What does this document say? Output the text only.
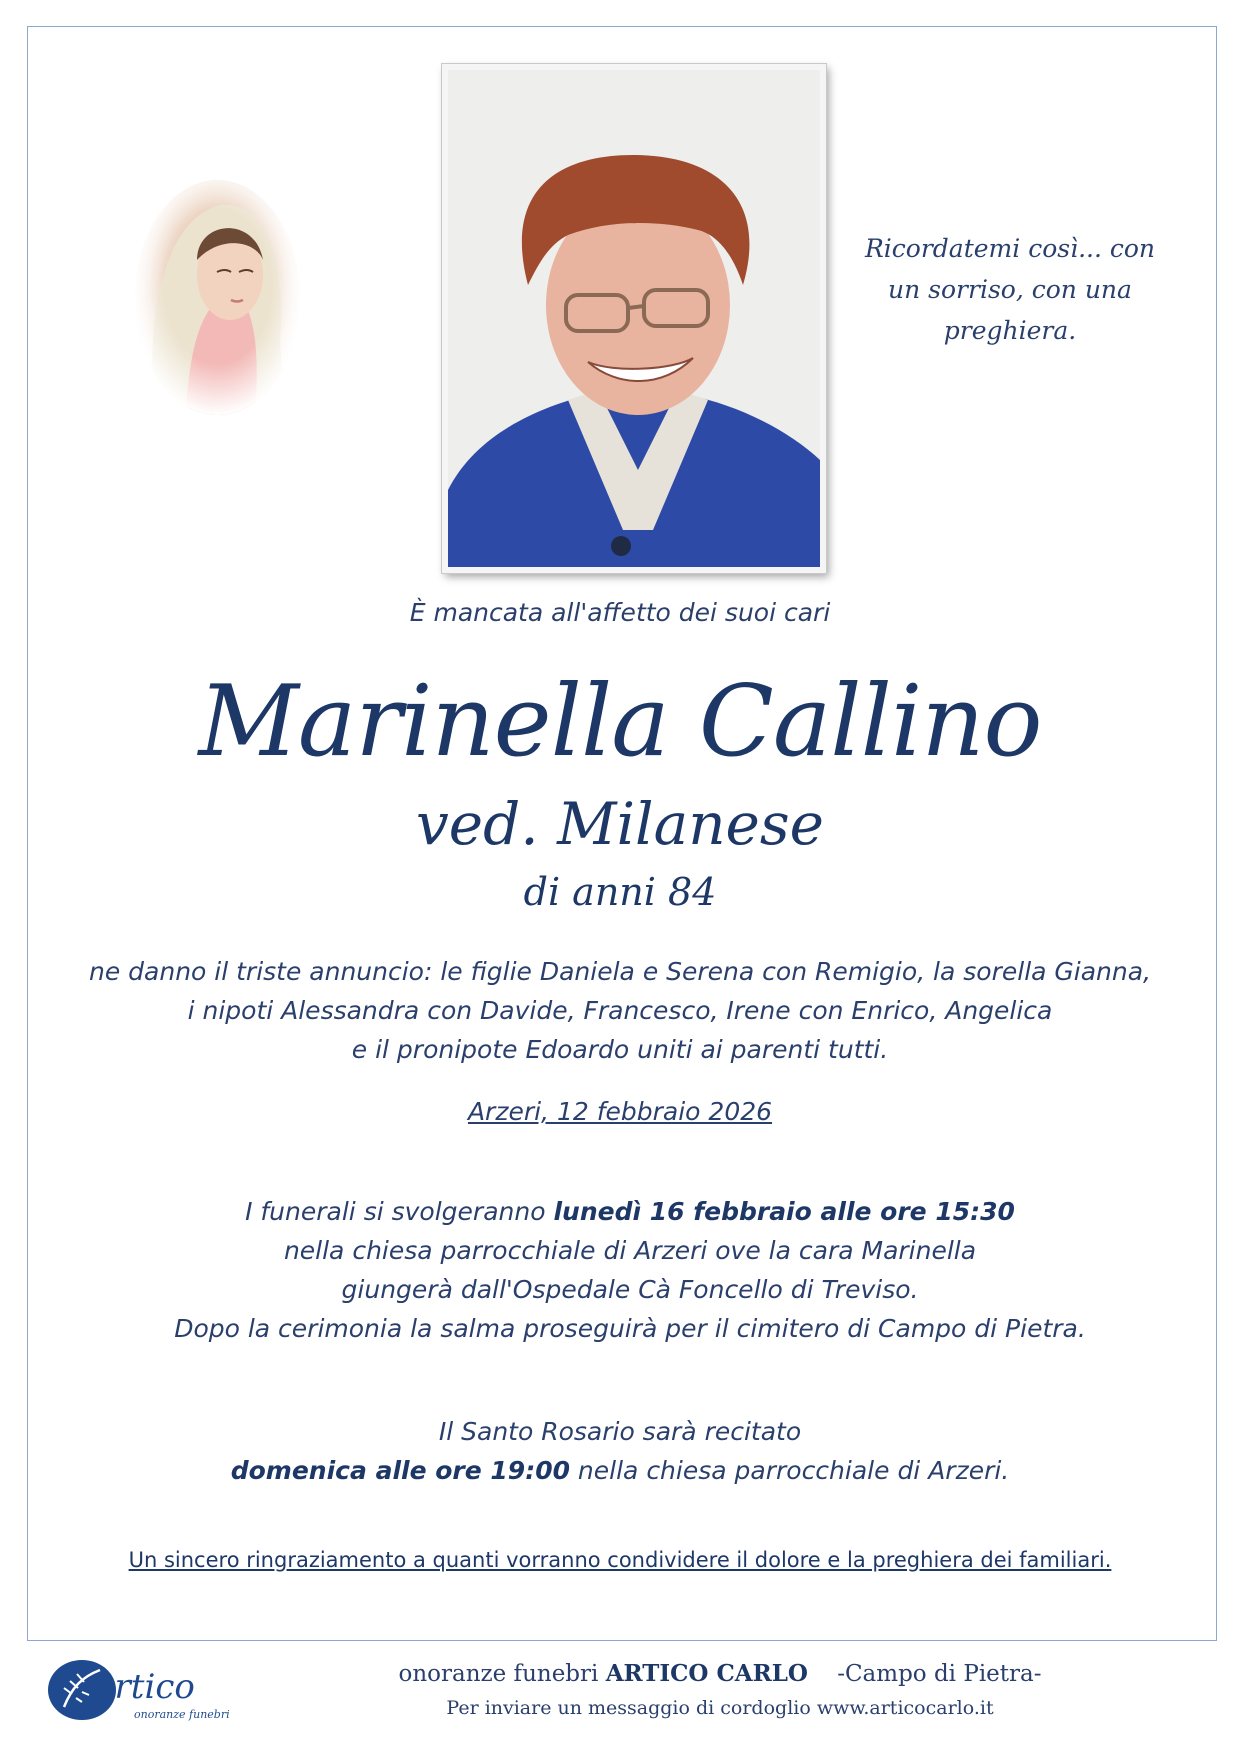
Ricordatemi così... con
un sorriso, con una
preghiera.
È mancata all'affetto dei suoi cari
Marinella Callino
ved. Milanese
di anni 84
ne danno il triste annuncio: le figlie Daniela e Serena con Remigio, la sorella Gianna,
i nipoti Alessandra con Davide, Francesco, Irene con Enrico, Angelica
e il pronipote Edoardo uniti ai parenti tutti.
Arzeri, 12 febbraio 2026
I funerali si svolgeranno lunedì 16 febbraio alle ore 15:30
nella chiesa parrocchiale di Arzeri ove la cara Marinella
giungerà dall'Ospedale Cà Foncello di Treviso.
Dopo la cerimonia la salma proseguirà per il cimitero di Campo di Pietra.
Il Santo Rosario sarà recitato
domenica alle ore 19:00 nella chiesa parrocchiale di Arzeri.
Un sincero ringraziamento a quanti vorranno condividere il dolore e la preghiera dei familiari.
Artico
onoranze funebri
onoranze funebri ARTICO CARLO -Campo di Pietra-
Per inviare un messaggio di cordoglio www.articocarlo.it
